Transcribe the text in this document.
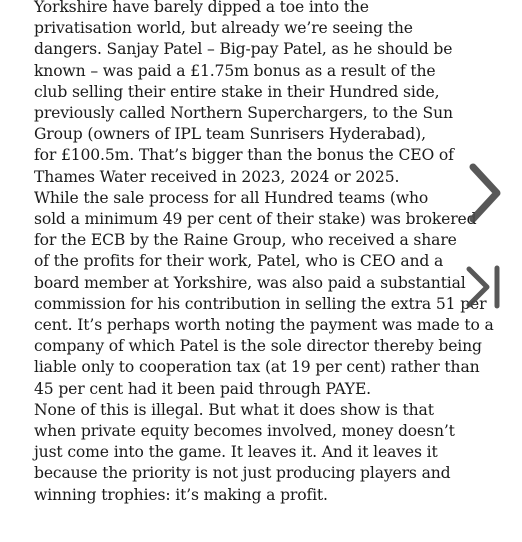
Yorkshire have barely dipped a toe into the
privatisation world, but already we’re seeing the
dangers. Sanjay Patel – Big-pay Patel, as he should be
known – was paid a £1.75m bonus as a result of the
club selling their entire stake in their Hundred side,
previously called Northern Superchargers, to the Sun
Group (owners of IPL team Sunrisers Hyderabad),
for £100.5m. That’s bigger than the bonus the CEO of
Thames Water received in 2023, 2024 or 2025.

While the sale process for all Hundred teams (who
sold a minimum 49 per cent of their stake) was brokered
for the ECB by the Raine Group, who received a share
of the profits for their work, Patel, who is CEO and a
board member at Yorkshire, was also paid a substantial
commission for his contribution in selling the extra 51 per
cent. It’s perhaps worth noting the payment was made to a
company of which Patel is the sole director thereby being
liable only to cooperation tax (at 19 per cent) rather than
45 per cent had it been paid through PAYE.

None of this is illegal. But what it does show is that
when private equity becomes involved, money doesn’t
just come into the game. It leaves it. And it leaves it
because the priority is not just producing players and
winning trophies: it’s making a profit.
